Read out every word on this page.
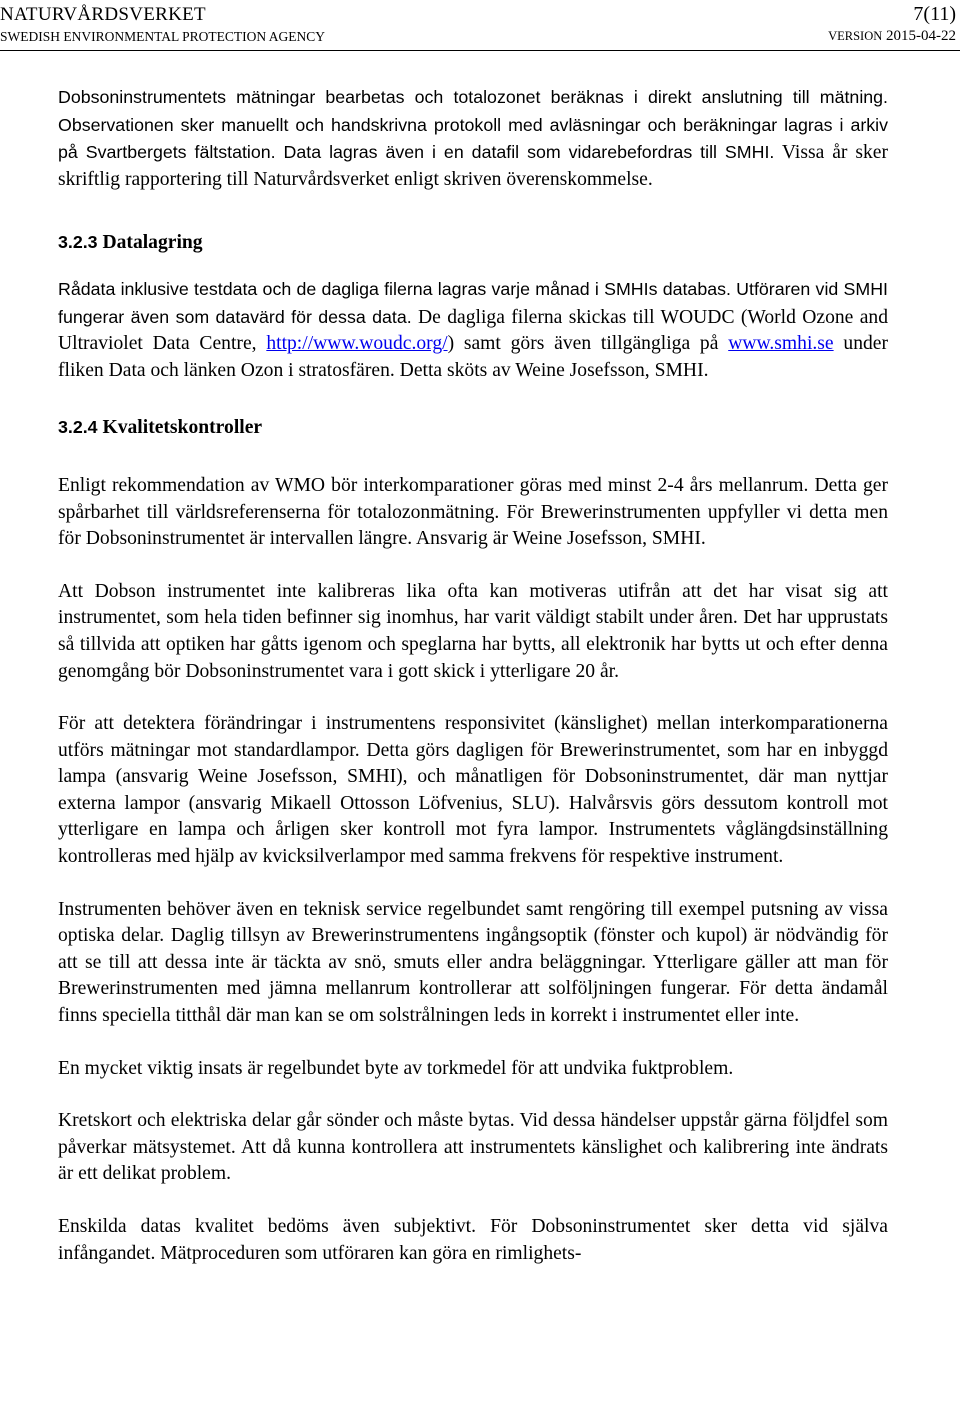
NATURVÅRDSVERKET	7(11)
SWEDISH ENVIRONMENTAL PROTECTION AGENCY	VERSION 2015-04-22

Dobsoninstrumentets mätningar bearbetas och totalozonet beräknas i direkt anslutning till mätning. Observationen sker manuellt och handskrivna protokoll med avläsningar och beräkningar lagras i arkiv på Svartbergets fältstation. Data lagras även i en datafil som vidarebefordras till SMHI. Vissa år sker skriftlig rapportering till Naturvårdsverket enligt skriven överenskommelse.

3.2.3 Datalagring

Rådata inklusive testdata och de dagliga filerna lagras varje månad i SMHIs databas. Utföraren vid SMHI fungerar även som datavärd för dessa data. De dagliga filerna skickas till WOUDC (World Ozone and Ultraviolet Data Centre, http://www.woudc.org/) samt görs även tillgängliga på www.smhi.se under fliken Data och länken Ozon i stratosfären. Detta sköts av Weine Josefsson, SMHI.

3.2.4 Kvalitetskontroller

Enligt rekommendation av WMO bör interkomparationer göras med minst 2-4 års mellanrum. Detta ger spårbarhet till världsreferenserna för totalozonmätning. För Brewerinstrumenten uppfyller vi detta men för Dobsoninstrumentet är intervallen längre. Ansvarig är Weine Josefsson, SMHI.

Att Dobson instrumentet inte kalibreras lika ofta kan motiveras utifrån att det har visat sig att instrumentet, som hela tiden befinner sig inomhus, har varit väldigt stabilt under åren. Det har upprustats så tillvida att optiken har gåtts igenom och speglarna har bytts, all elektronik har bytts ut och efter denna genomgång bör Dobsoninstrumentet vara i gott skick i ytterligare 20 år.

För att detektera förändringar i instrumentens responsivitet (känslighet) mellan interkomparationerna utförs mätningar mot standardlampor. Detta görs dagligen för Brewerinstrumentet, som har en inbyggd lampa (ansvarig Weine Josefsson, SMHI), och månatligen för Dobsoninstrumentet, där man nyttjar externa lampor (ansvarig Mikaell Ottosson Löfvenius, SLU). Halvårsvis görs dessutom kontroll mot ytterligare en lampa och årligen sker kontroll mot fyra lampor. Instrumentets våglängdsinställning kontrolleras med hjälp av kvicksilverlampor med samma frekvens för respektive instrument.

Instrumenten behöver även en teknisk service regelbundet samt rengöring till exempel putsning av vissa optiska delar. Daglig tillsyn av Brewerinstrumentens ingångsoptik (fönster och kupol) är nödvändig för att se till att dessa inte är täckta av snö, smuts eller andra beläggningar. Ytterligare gäller att man för Brewerinstrumenten med jämna mellanrum kontrollerar att solföljningen fungerar. För detta ändamål finns speciella titthål där man kan se om solstrålningen leds in korrekt i instrumentet eller inte.

En mycket viktig insats är regelbundet byte av torkmedel för att undvika fuktproblem.

Kretskort och elektriska delar går sönder och måste bytas. Vid dessa händelser uppstår gärna följdfel som påverkar mätsystemet. Att då kunna kontrollera att instrumentets känslighet och kalibrering inte ändrats är ett delikat problem.

Enskilda datas kvalitet bedöms även subjektivt. För Dobsoninstrumentet sker detta vid själva infångandet. Mätproceduren som utföraren kan göra en rimlighets-
